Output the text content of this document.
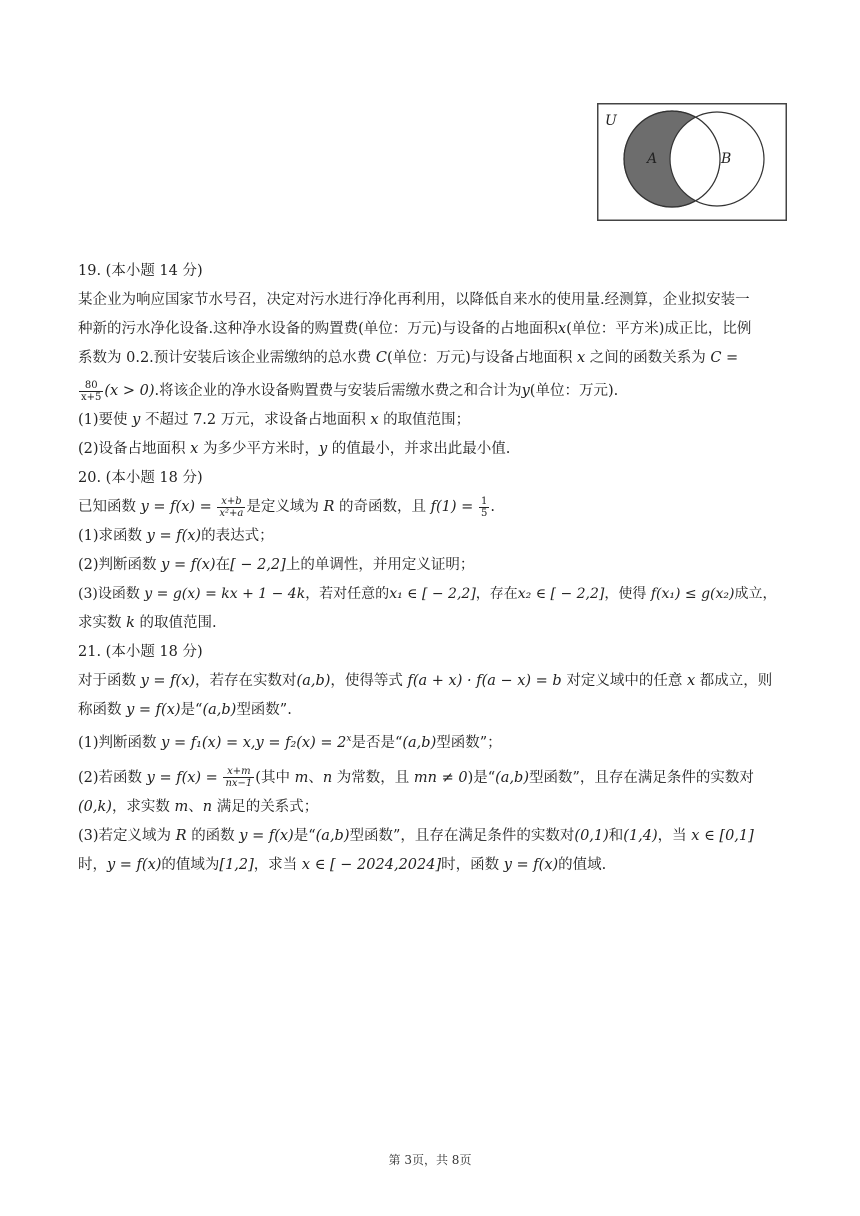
U
A	B

19. (本小题 14 分)

某企业为响应国家节水号召，决定对污水进行净化再利用，以降低自来水的使用量.经测算，企业拟安装一

种新的污水净化设备.这种净水设备的购置费(单位：万元)与设备的占地面积x(单位：平方米)成正比，比例

系数为 0.2.预计安装后该企业需缴纳的总水费 C(单位：万元)与设备占地面积 x 之间的函数关系为 C =

$\frac{80}{x+5} (x > 0)$.将该企业的净水设备购置费与安装后需缴水费之和合计为y(单位：万元).

(1)要使 y 不超过 7.2 万元，求设备占地面积 x 的取值范围；

(2)设备占地面积 x 为多少平方米时，y 的值最小，并求出此最小值.

20. (本小题 18 分)

已知函数 $y = f(x) = \frac{x+b}{\text{x²+a}}$ 是定义域为 R 的奇函数，且 $f(1) = \frac{1}{5}$ .

(1)求函数 y = f(x)的表达式；

(2)判断函数 y = f(x)在[ − 2,2]上的单调性，并用定义证明；

(3)设函数 y = g(x) = kx + 1 − 4k，若对任意的x₁ ∈ [ − 2,2]，存在x₂ ∈ [ − 2,2]，使得 f(x₁) ≤ g(x₂)成立，

求实数 k 的取值范围.

21. (本小题 18 分)

对于函数 y = f(x)，若存在实数对(a,b)，使得等式 f(a + x) · f(a − x) = b 对定义域中的任意 x 都成立，则

称函数 y = f(x)是“(a,b)型函数”.

(1)判断函数 $y = f_1(x) = x,y = f_2(x) = 2^x$是否是“(a,b)型函数”；

(2)若函数 $y = f(x) = \frac{x+m}{nx-1}$ (其中 m、n 为常数，且 mn ≠ 0)是“(a,b)型函数”，且存在满足条件的实数对

(0,k)，求实数 m、n 满足的关系式；

(3)若定义域为 R 的函数 y = f(x)是“(a,b)型函数”，且存在满足条件的实数对(0,1)和(1,4)，当 x ∈ [0,1]

时，y = f(x)的值域为[1,2]，求当 x ∈ [ − 2024,2024]时，函数 y = f(x)的值域.

第 3页，共 8页
